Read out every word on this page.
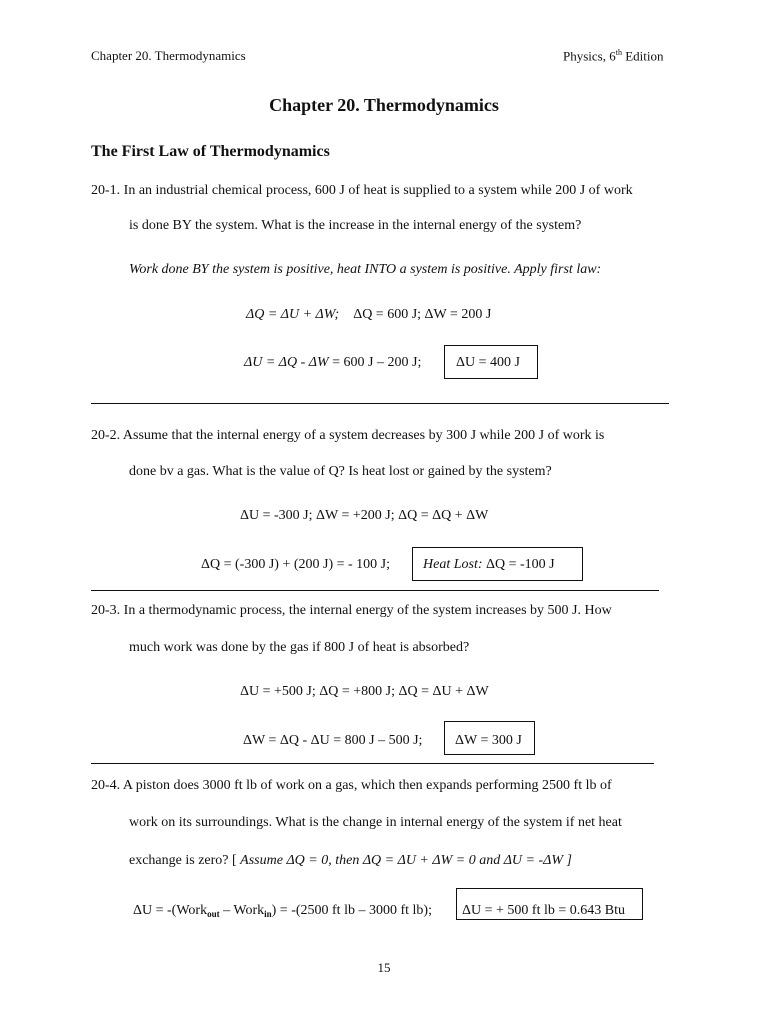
Chapter 20. Thermodynamics	Physics, 6th Edition
Chapter 20. Thermodynamics
The First Law of Thermodynamics
20-1. In an industrial chemical process, 600 J of heat is supplied to a system while 200 J of work
is done BY the system. What is the increase in the internal energy of the system?
Work done BY the system is positive, heat INTO a system is positive. Apply first law:
ΔQ = ΔU + ΔW; ΔQ = 600 J; ΔW = 200 J
ΔU = ΔQ - ΔW = 600 J – 200 J; ΔU = 400 J
20-2. Assume that the internal energy of a system decreases by 300 J while 200 J of work is
done bv a gas. What is the value of Q? Is heat lost or gained by the system?
ΔU = -300 J; ΔW = +200 J; ΔQ = ΔQ + ΔW
ΔQ = (-300 J) + (200 J) = - 100 J; Heat Lost: ΔQ = -100 J
20-3. In a thermodynamic process, the internal energy of the system increases by 500 J. How
much work was done by the gas if 800 J of heat is absorbed?
ΔU = +500 J; ΔQ = +800 J; ΔQ = ΔU + ΔW
ΔW = ΔQ - ΔU = 800 J – 500 J; ΔW = 300 J
20-4. A piston does 3000 ft lb of work on a gas, which then expands performing 2500 ft lb of
work on its surroundings. What is the change in internal energy of the system if net heat
exchange is zero? [ Assume ΔQ = 0, then ΔQ = ΔU + ΔW = 0 and ΔU = -ΔW ]
ΔU = -(Work$_{out}$ – Work$_{in}$) = -(2500 ft lb – 3000 ft lb); ΔU = + 500 ft lb = 0.643 Btu
15
